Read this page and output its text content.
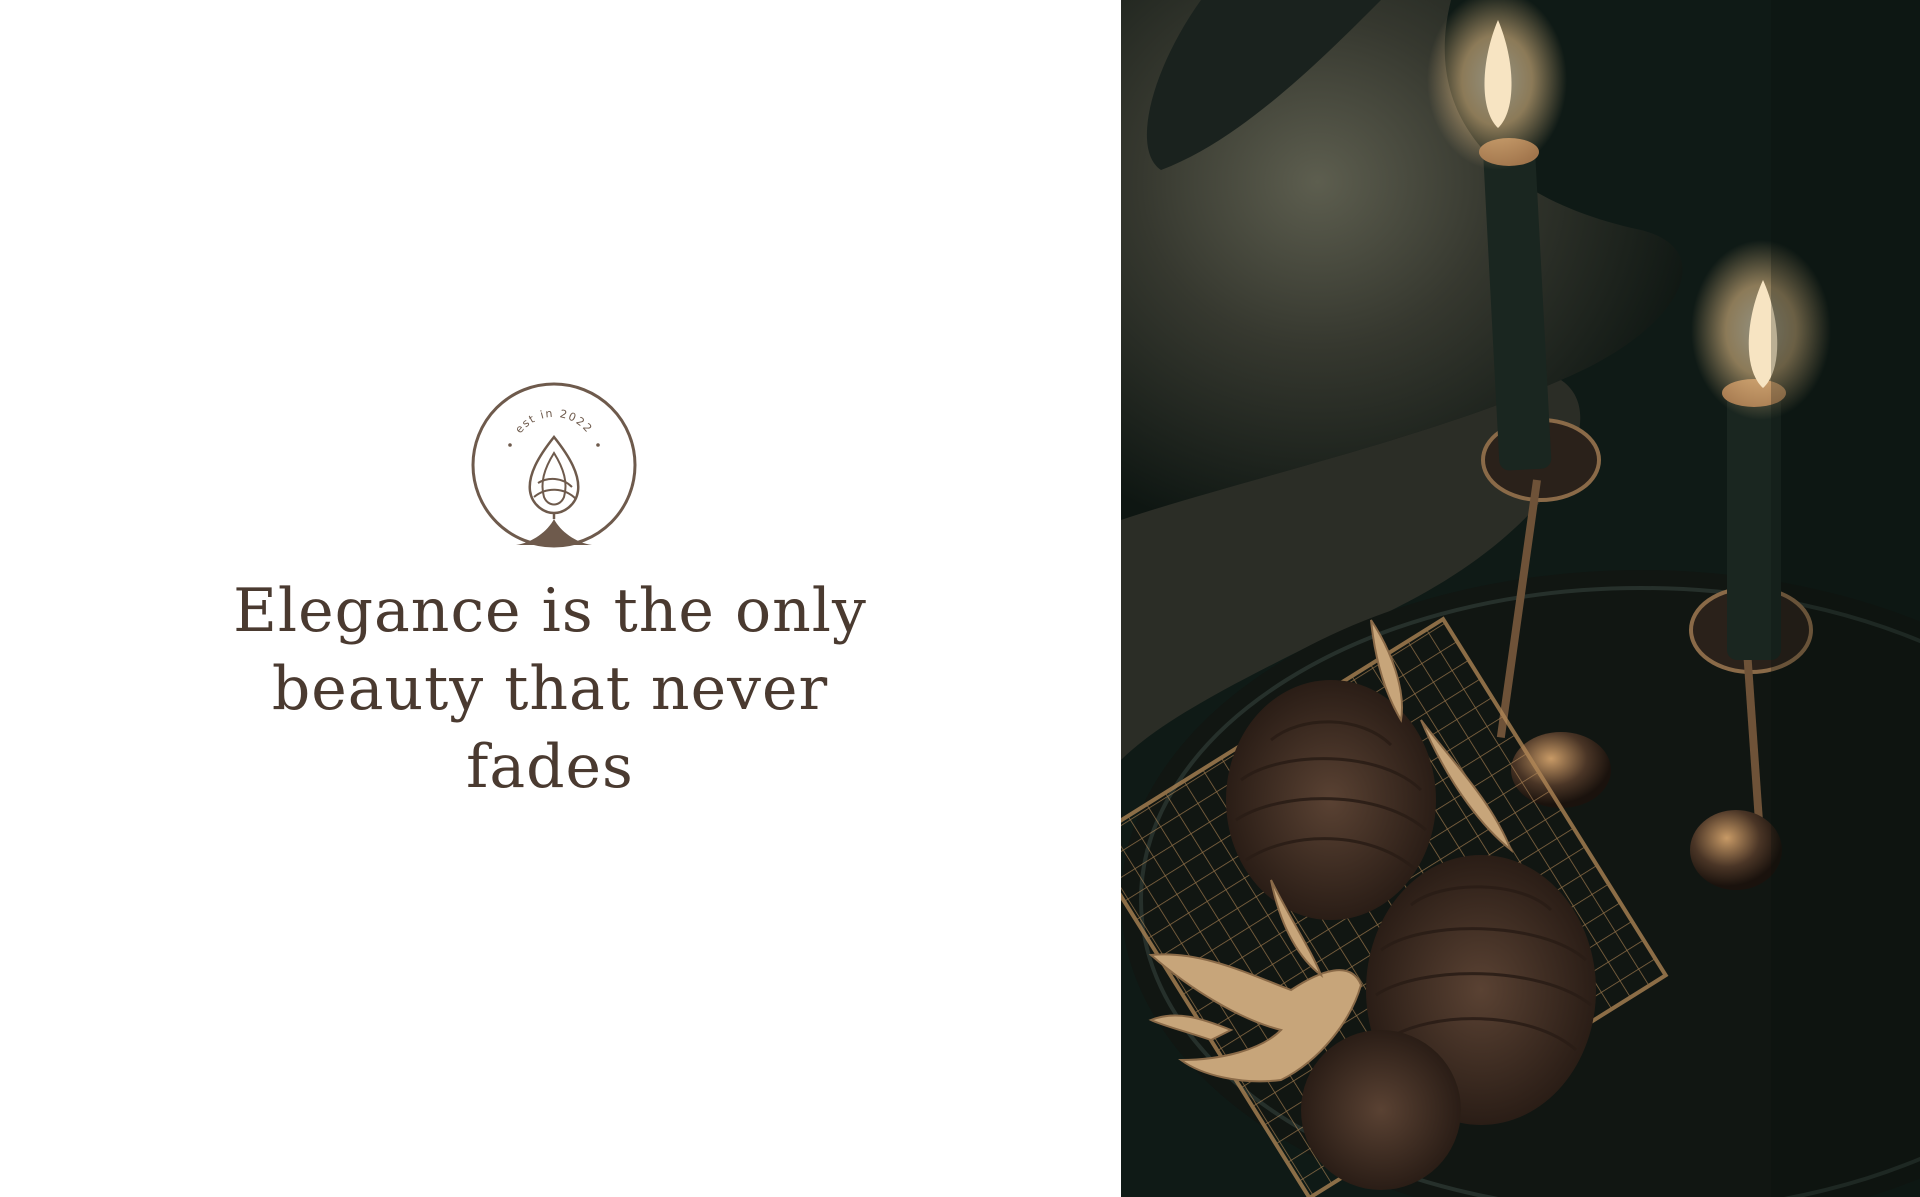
est in 2022

Elegance is the only
beauty that never
fades
